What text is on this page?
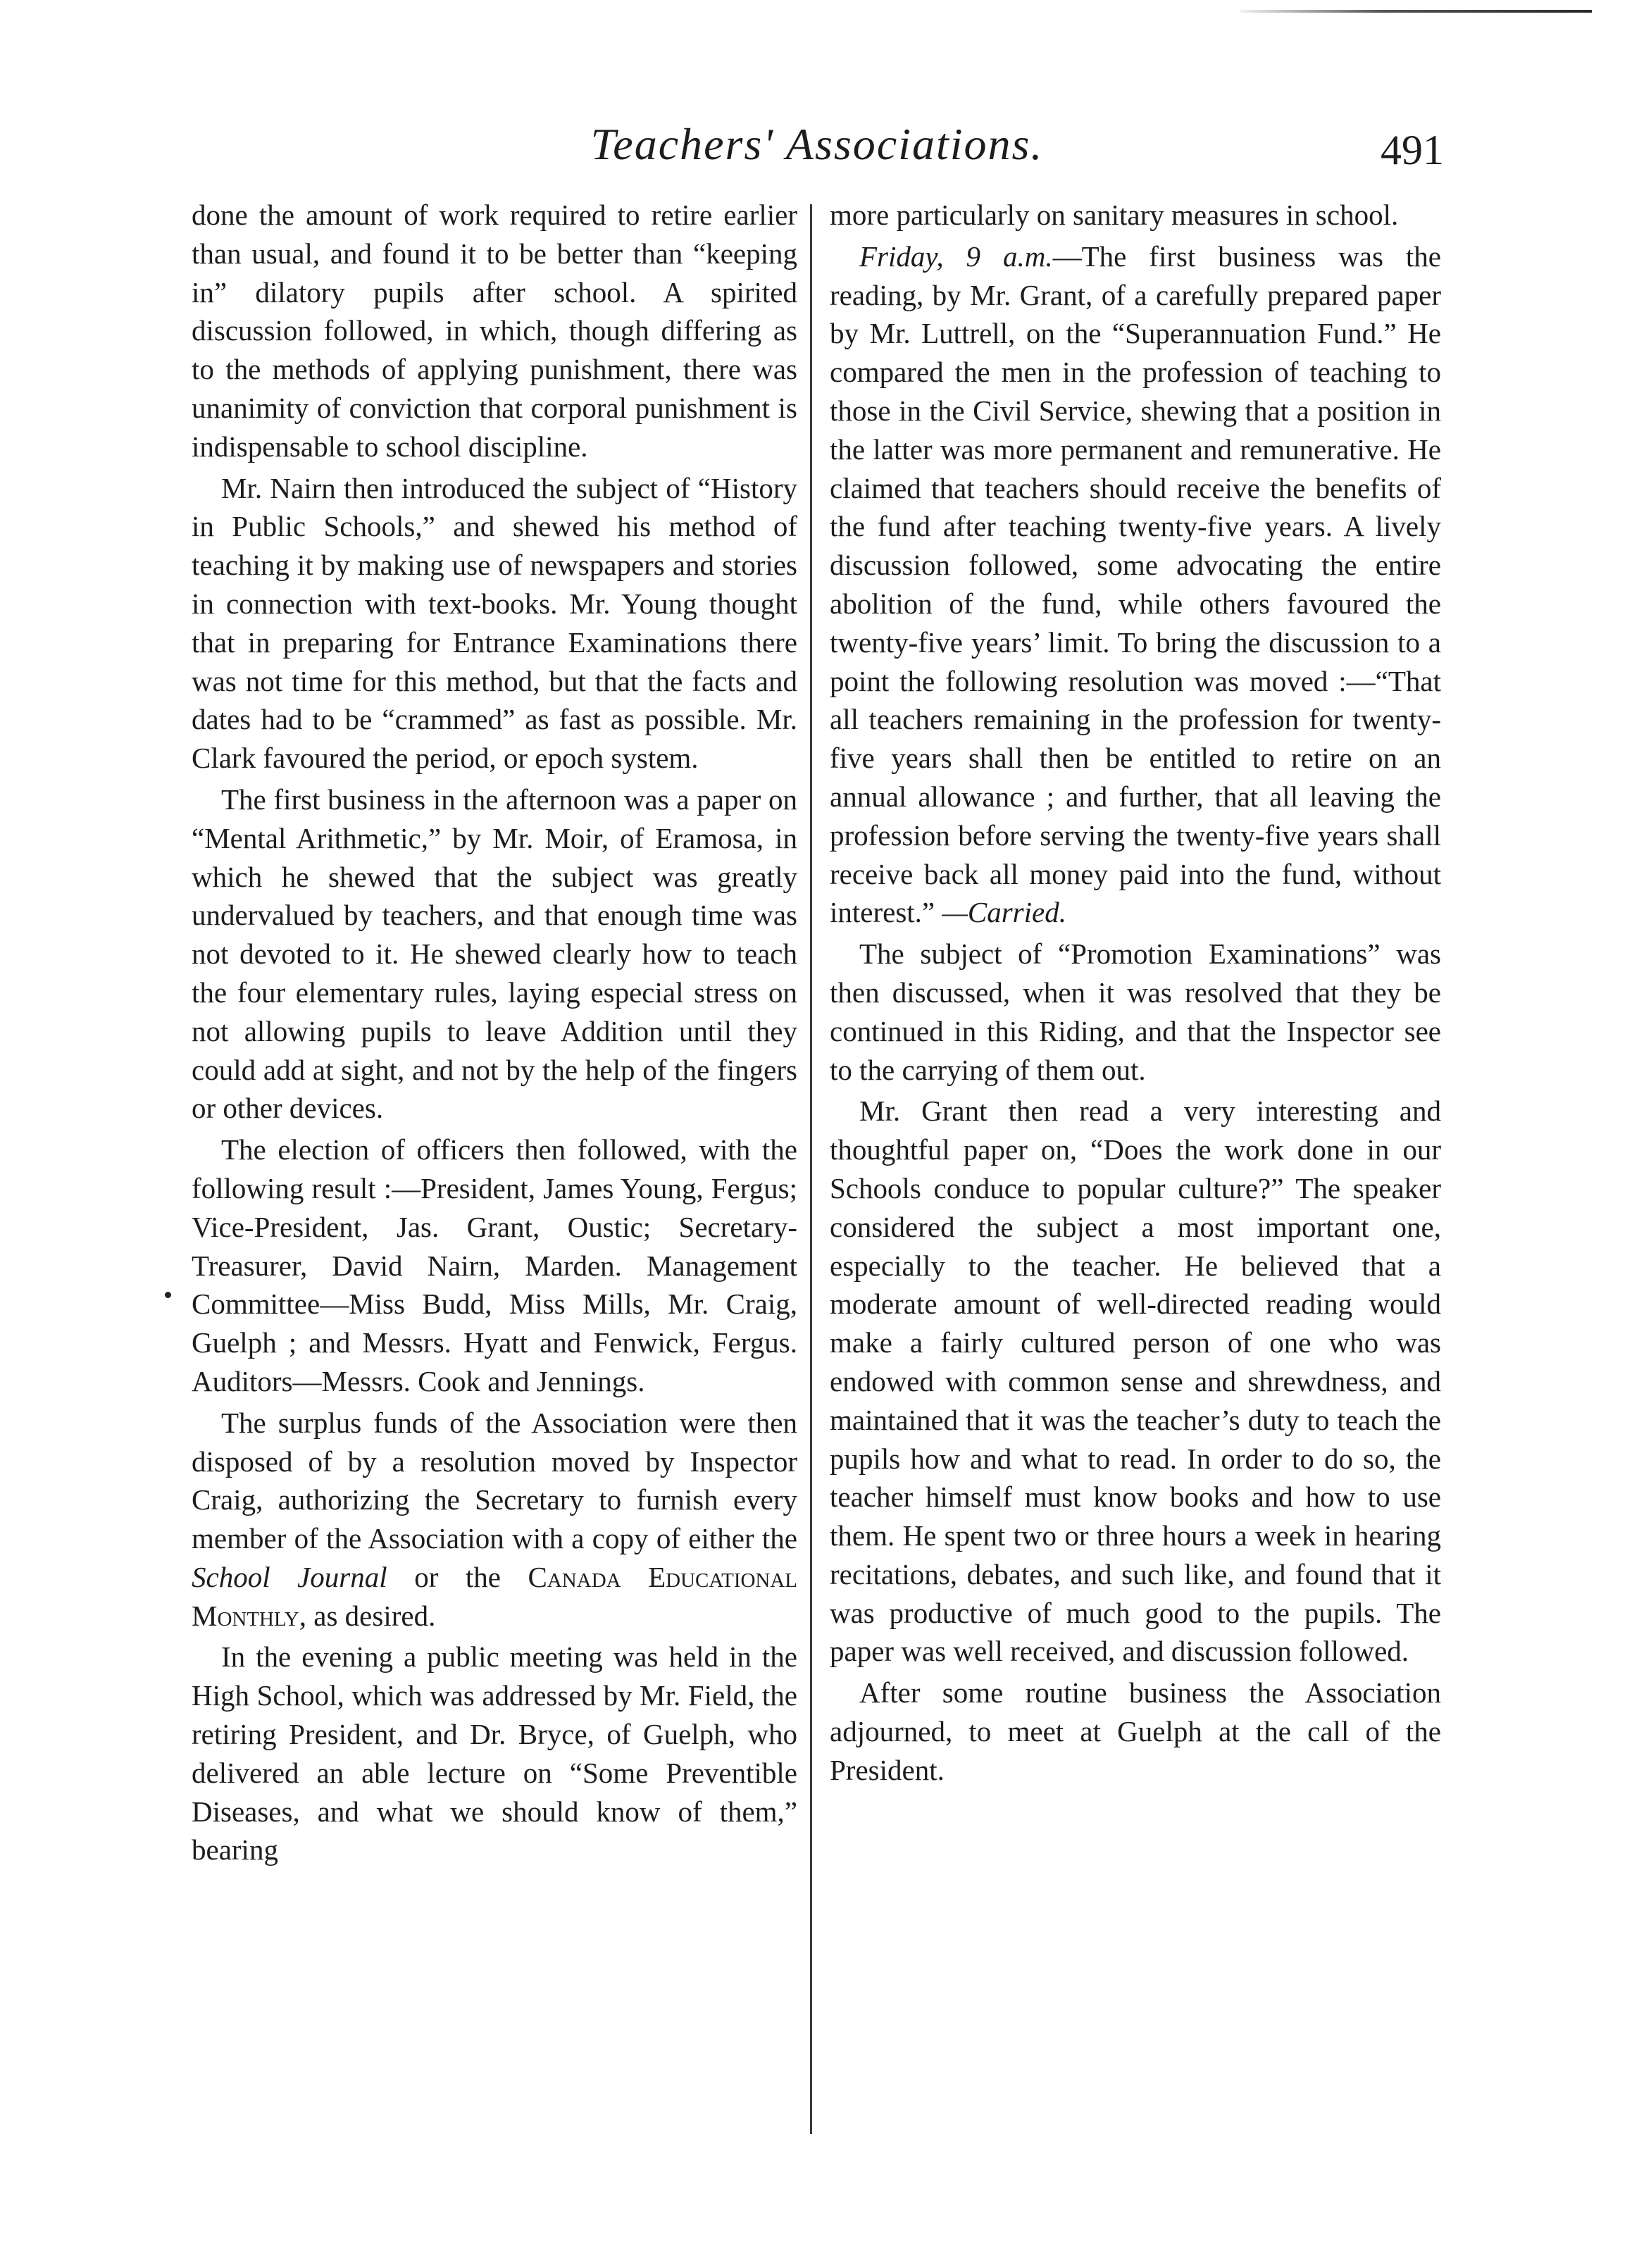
Teachers' Associations.	491

done the amount of work required to retire earlier than usual, and found it to be better than “keeping in” dilatory pupils after school. A spirited discussion followed, in which, though differing as to the methods of applying punishment, there was unanimity of conviction that corporal punishment is indispensable to school discipline.

Mr. Nairn then introduced the subject of “History in Public Schools,” and shewed his method of teaching it by making use of newspapers and stories in connection with text-books. Mr. Young thought that in preparing for Entrance Examinations there was not time for this method, but that the facts and dates had to be “crammed” as fast as possible. Mr. Clark favoured the period, or epoch system.

The first business in the afternoon was a paper on “Mental Arithmetic,” by Mr. Moir, of Eramosa, in which he shewed that the subject was greatly undervalued by teachers, and that enough time was not devoted to it. He shewed clearly how to teach the four elementary rules, laying especial stress on not allowing pupils to leave Addition until they could add at sight, and not by the help of the fingers or other devices.

The election of officers then followed, with the following result :—President, James Young, Fergus; Vice-President, Jas. Grant, Oustic; Secretary-Treasurer, David Nairn, Marden. Management Committee—Miss Budd, Miss Mills, Mr. Craig, Guelph ; and Messrs. Hyatt and Fenwick, Fergus. Auditors—Messrs. Cook and Jennings.

The surplus funds of the Association were then disposed of by a resolution moved by Inspector Craig, authorizing the Secretary to furnish every member of the Association with a copy of either the School Journal or the Canada Educational Monthly, as desired.

In the evening a public meeting was held in the High School, which was addressed by Mr. Field, the retiring President, and Dr. Bryce, of Guelph, who delivered an able lecture on “Some Preventible Diseases, and what we should know of them,” bearing

more particularly on sanitary measures in school.

Friday, 9 a.m.—The first business was the reading, by Mr. Grant, of a carefully prepared paper by Mr. Luttrell, on the “Superannuation Fund.” He compared the men in the profession of teaching to those in the Civil Service, shewing that a position in the latter was more permanent and remunerative. He claimed that teachers should receive the benefits of the fund after teaching twenty-five years. A lively discussion followed, some advocating the entire abolition of the fund, while others favoured the twenty-five years’ limit. To bring the discussion to a point the following resolution was moved :—“That all teachers remaining in the profession for twenty-five years shall then be entitled to retire on an annual allowance ; and further, that all leaving the profession before serving the twenty-five years shall receive back all money paid into the fund, without interest.” —Carried.

The subject of “Promotion Examinations” was then discussed, when it was resolved that they be continued in this Riding, and that the Inspector see to the carrying of them out.

Mr. Grant then read a very interesting and thoughtful paper on, “Does the work done in our Schools conduce to popular culture?” The speaker considered the subject a most important one, especially to the teacher. He believed that a moderate amount of well-directed reading would make a fairly cultured person of one who was endowed with common sense and shrewdness, and maintained that it was the teacher’s duty to teach the pupils how and what to read. In order to do so, the teacher himself must know books and how to use them. He spent two or three hours a week in hearing recitations, debates, and such like, and found that it was productive of much good to the pupils. The paper was well received, and discussion followed.

After some routine business the Association adjourned, to meet at Guelph at the call of the President.
